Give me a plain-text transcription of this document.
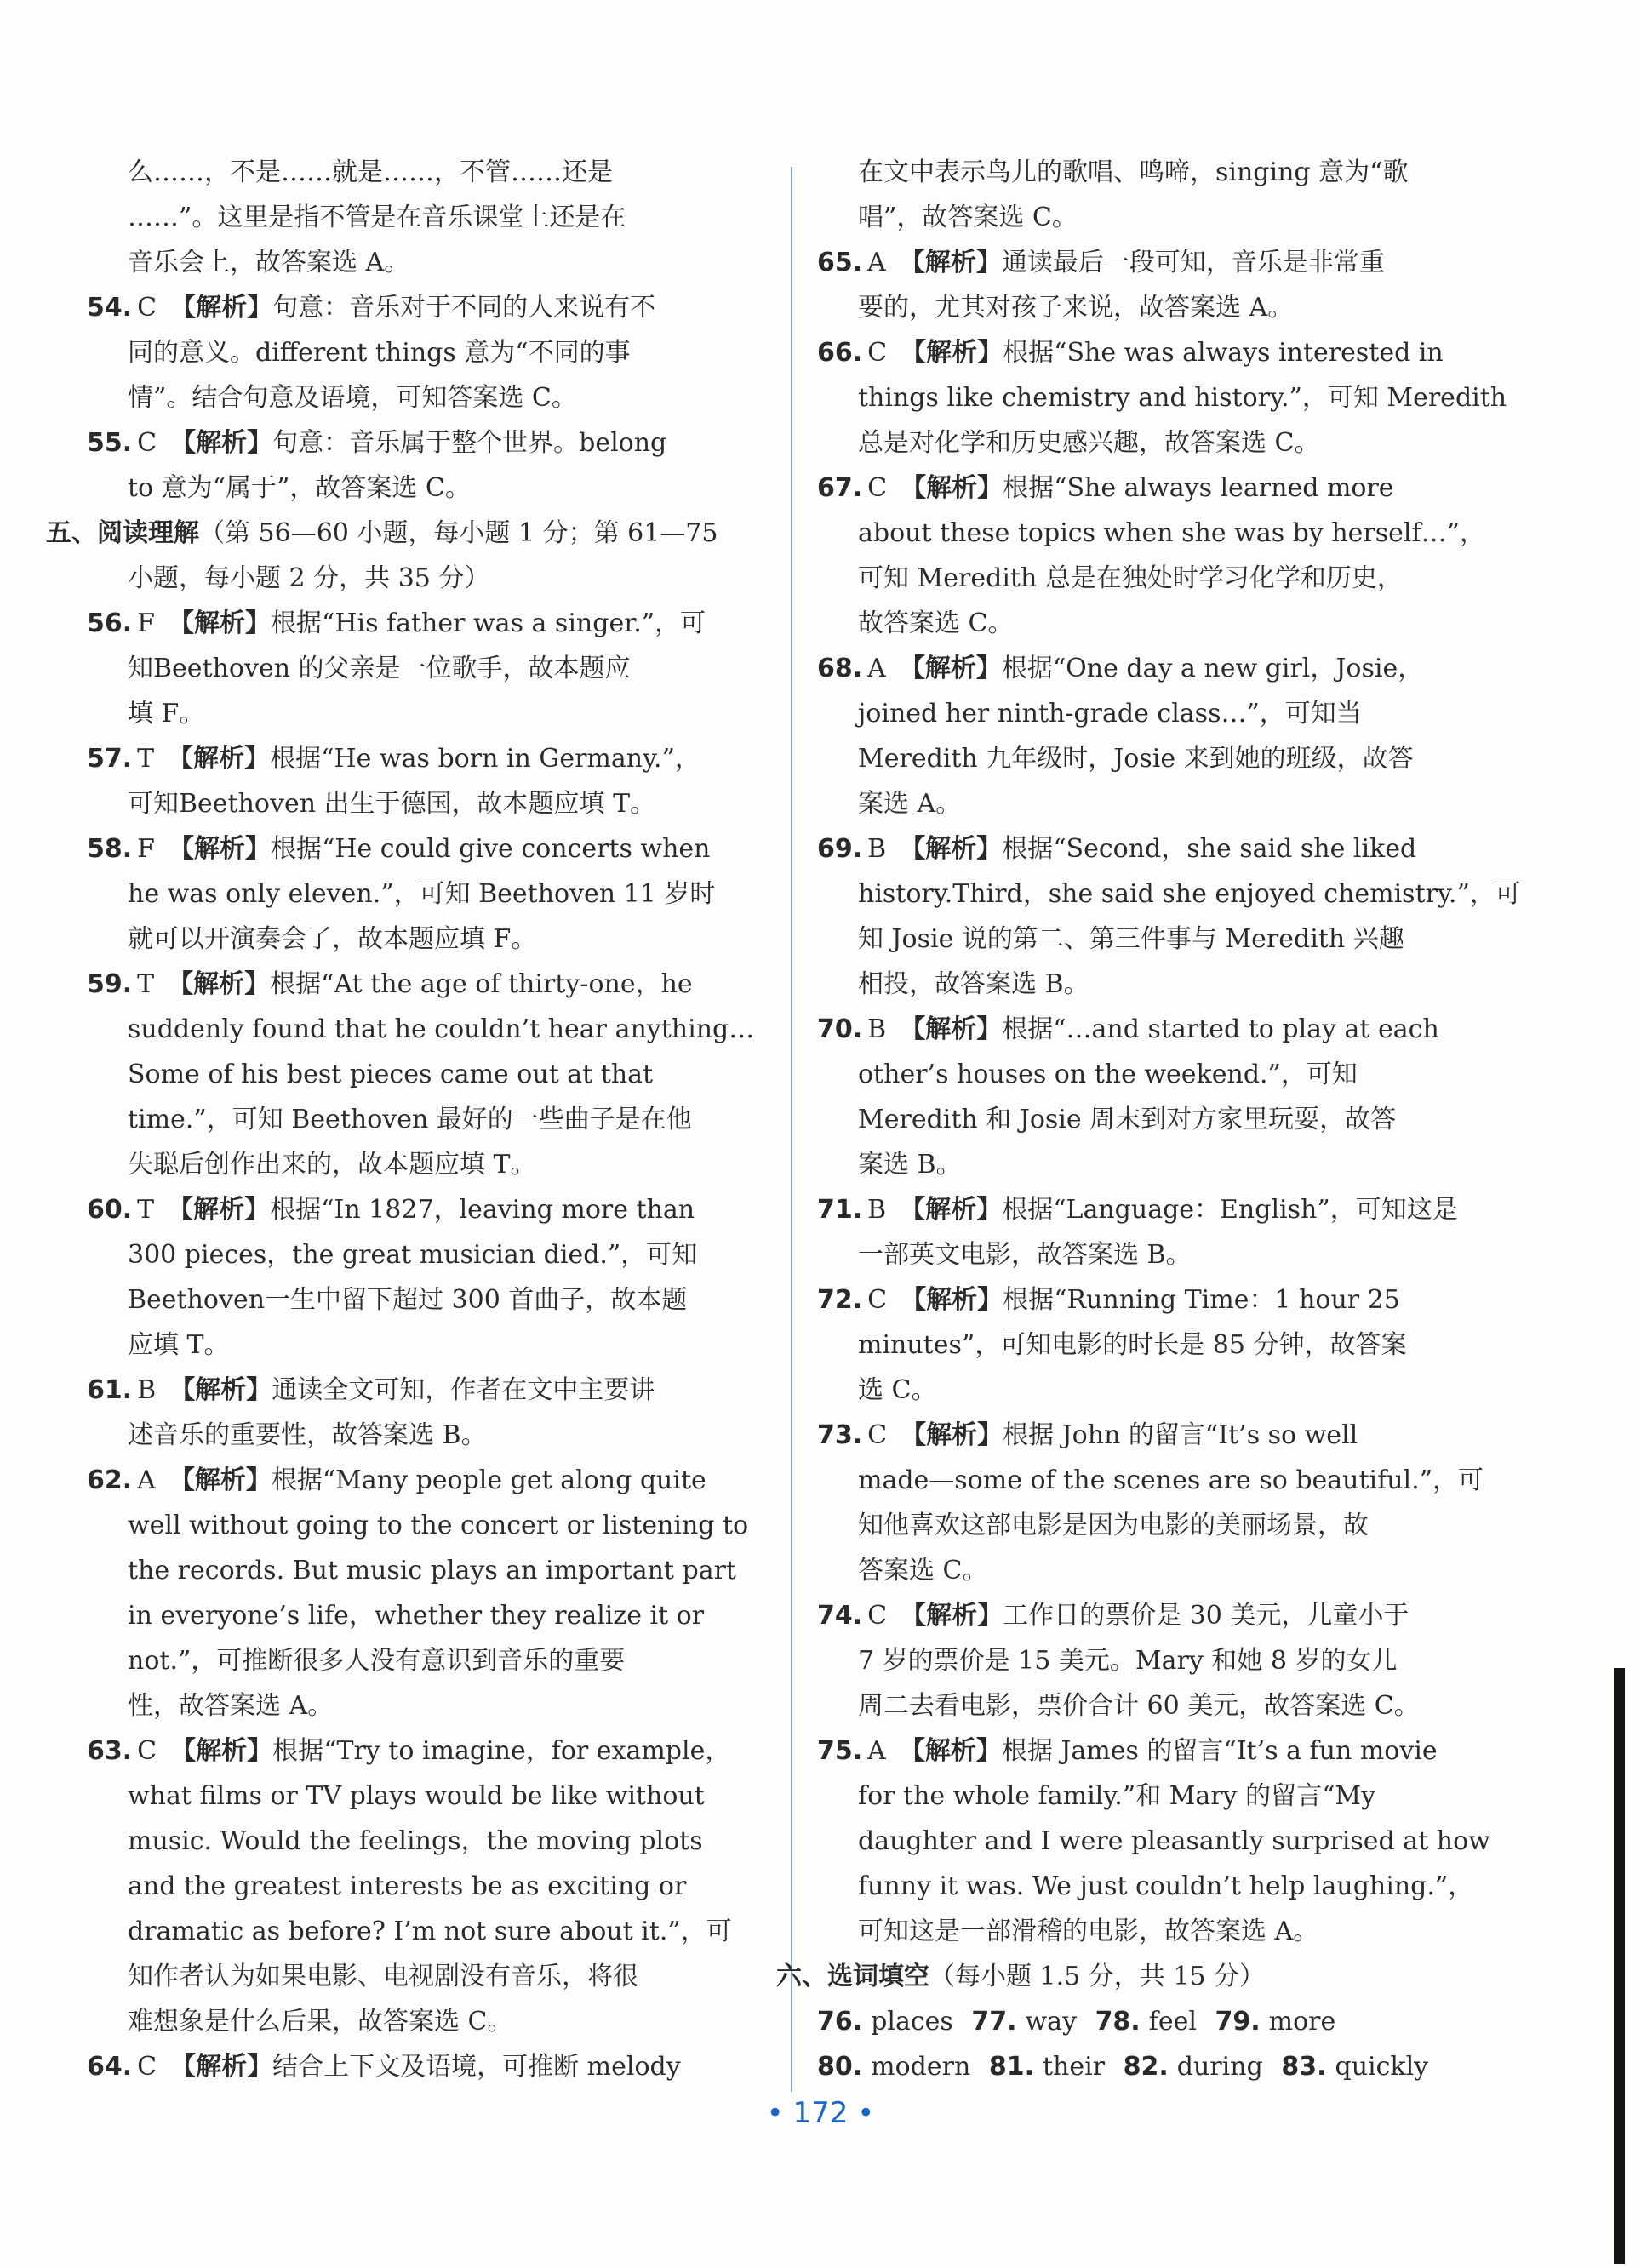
么……，不是……就是……，不管……还是
……”。这里是指不管是在音乐课堂上还是在
音乐会上，故答案选 A。
54. C 【解析】句意：音乐对于不同的人来说有不
同的意义。different things 意为“不同的事
情”。结合句意及语境，可知答案选 C。
55. C 【解析】句意：音乐属于整个世界。belong
to 意为“属于”，故答案选 C。
五、阅读理解（第 56—60 小题，每小题 1 分；第 61—75
小题，每小题 2 分，共 35 分）
56. F 【解析】根据“His father was a singer.”，可
知Beethoven 的父亲是一位歌手，故本题应
填 F。
57. T 【解析】根据“He was born in Germany.”，
可知Beethoven 出生于德国，故本题应填 T。
58. F 【解析】根据“He could give concerts when
he was only eleven.”，可知 Beethoven 11 岁时
就可以开演奏会了，故本题应填 F。
59. T 【解析】根据“At the age of thirty-one，he
suddenly found that he couldn’t hear anything…
Some of his best pieces came out at that
time.”，可知 Beethoven 最好的一些曲子是在他
失聪后创作出来的，故本题应填 T。
60. T 【解析】根据“In 1827，leaving more than
300 pieces，the great musician died.”，可知
Beethoven一生中留下超过 300 首曲子，故本题
应填 T。
61. B 【解析】通读全文可知，作者在文中主要讲
述音乐的重要性，故答案选 B。
62. A 【解析】根据“Many people get along quite
well without going to the concert or listening to
the records. But music plays an important part
in everyone’s life，whether they realize it or
not.”，可推断很多人没有意识到音乐的重要
性，故答案选 A。
63. C 【解析】根据“Try to imagine，for example，
what films or TV plays would be like without
music. Would the feelings，the moving plots
and the greatest interests be as exciting or
dramatic as before? I’m not sure about it.”，可
知作者认为如果电影、电视剧没有音乐，将很
难想象是什么后果，故答案选 C。
64. C 【解析】结合上下文及语境，可推断 melody
在文中表示鸟儿的歌唱、鸣啼，singing 意为“歌
唱”，故答案选 C。
65. A 【解析】通读最后一段可知，音乐是非常重
要的，尤其对孩子来说，故答案选 A。
66. C 【解析】根据“She was always interested in
things like chemistry and history.”，可知 Meredith
总是对化学和历史感兴趣，故答案选 C。
67. C 【解析】根据“She always learned more
about these topics when she was by herself…”，
可知 Meredith 总是在独处时学习化学和历史，
故答案选 C。
68. A 【解析】根据“One day a new girl，Josie，
joined her ninth-grade class…”，可知当
Meredith 九年级时，Josie 来到她的班级，故答
案选 A。
69. B 【解析】根据“Second，she said she liked
history.Third，she said she enjoyed chemistry.”，可
知 Josie 说的第二、第三件事与 Meredith 兴趣
相投，故答案选 B。
70. B 【解析】根据“…and started to play at each
other’s houses on the weekend.”，可知
Meredith 和 Josie 周末到对方家里玩耍，故答
案选 B。
71. B 【解析】根据“Language：English”，可知这是
一部英文电影，故答案选 B。
72. C 【解析】根据“Running Time：1 hour 25
minutes”，可知电影的时长是 85 分钟，故答案
选 C。
73. C 【解析】根据 John 的留言“It’s so well
made—some of the scenes are so beautiful.”，可
知他喜欢这部电影是因为电影的美丽场景，故
答案选 C。
74. C 【解析】工作日的票价是 30 美元，儿童小于
7 岁的票价是 15 美元。Mary 和她 8 岁的女儿
周二去看电影，票价合计 60 美元，故答案选 C。
75. A 【解析】根据 James 的留言“It’s a fun movie
for the whole family.”和 Mary 的留言“My
daughter and I were pleasantly surprised at how
funny it was. We just couldn’t help laughing.”，
可知这是一部滑稽的电影，故答案选 A。
六、选词填空（每小题 1.5 分，共 15 分）
76. places 77. way 78. feel 79. more
80. modern 81. their 82. during 83. quickly
• 172 •
